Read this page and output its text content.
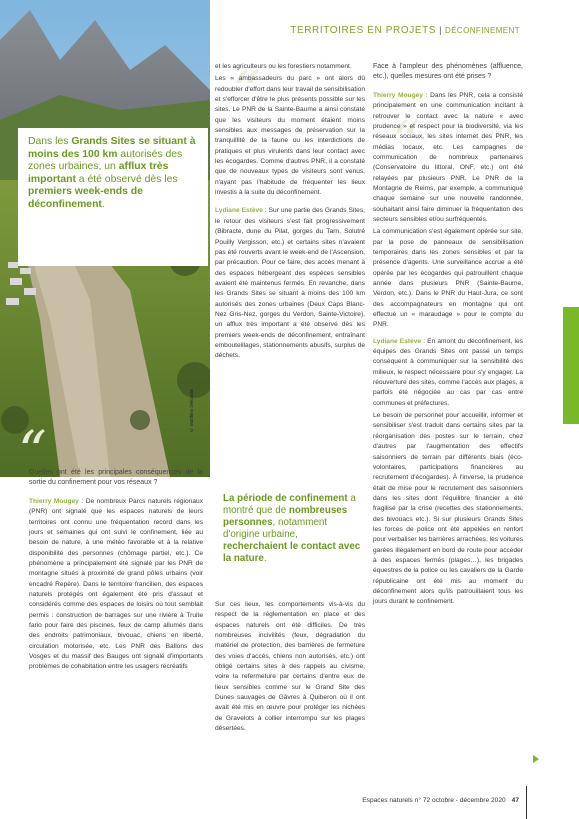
© Matthieu Delcasse
Dans les Grands Sites se situant à moins des 100 km autorisés des zones urbaines, un afflux très important a été observé dès les premiers week-ends de déconfinement.
TERRITOIRES EN PROJETS | DÉCONFINEMENT
“
“
“

Quelles ont été les principales conséquences de la sortie du confinement pour vos réseaux ?

Thierry Mougey : De nombreux Parcs naturels régionaux (PNR) ont signalé que les espaces naturels de leurs territoires ont connu une fréquentation record dans les jours et semaines qui ont suivi le confinement, liée au besoin de nature, à une météo favorable et à la relative disponibilité des personnes (chômage partiel, etc.). Ce phénomène a principalement été signalé par les PNR de montagne situés à proximité de grand pôles urbains (voir encadré Repère). Dans le territoire francilien, des espaces naturels protégés ont également été pris d'assaut et considérés comme des espaces de loisirs où tout semblait permis : construction de barrages sur une rivière à Truite fario pour faire des piscines, feux de camp allumés dans des endroits patrimoniaux, bivouac, chiens en liberté, circulation motorisée, etc. Les PNR des Ballons des Vosges et du massif des Bauges ont signalé d'importants problèmes de cohabitation entre les usagers récréatifs

et les agriculteurs ou les forestiers notamment.

Les « ambassadeurs du parc » ont alors dû redoubler d'effort dans leur travail de sensibilisation et s'efforcer d'être le plus présents possible sur les sites. Le PNR de la Sainte-Baume a ainsi constaté que les visiteurs du moment étaient moins sensibles aux messages de préservation sur la tranquillité de la faune ou les interdictions de pratiques et plus virulents dans leur contact avec les écogardes. Comme d'autres PNR, il a constaté que de nouveaux types de visiteurs sont venus, n'ayant pas l'habitude de fréquenter les lieux investis à la suite du déconfinement.

Lydiane Estève : Sur une partie des Grands Sites, le retour des visiteurs s'est fait progressivement (Bibracte, dune du Pilat, gorges du Tarn, Solutré Pouilly Vergisson, etc.) et certains sites n'avaient pas été rouverts avant le week-end de l'Ascension, par précaution. Pour ce faire, des accès menant à des espaces hébergeant des espèces sensibles avaient été maintenus fermés. En revanche, dans les Grands Sites se situant à moins des 100 km autorisés des zones urbaines (Deux Caps Blanc-Nez Gris-Nez, gorges du Verdon, Sainte-Victoire), un afflux très important a été observé dès les premiers week-ends de déconfinement, entraînant embouteillages, stationnements abusifs, surplus de déchets.

La période de confinement a montré que de nombreuses personnes, notamment d'origine urbaine, recherchaient le contact avec la nature.

Sur ces lieux, les comportements vis-à-vis du respect de la réglementation en place et des espaces naturels ont été difficiles. De très nombreuses incivilités (feux, dégradation du matériel de protection, des barrières de fermeture des voies d'accès, chiens non autorisés, etc.) ont obligé certains sites à des rappels au civisme, voire la refermeture par certains d'entre eux de lieux sensibles comme sur le Grand Site des Dunes sauvages de Gâvres à Quiberon où il ont avait été mis en œuvre pour protéger les nichées de Gravelots à collier interrompu sur les plages désertées.

Face à l'ampleur des phénomènes (affluence, etc.), quelles mesures ont été prises ?

Thierry Mougey : Dans les PNR, cela a consisté principalement en une communication incitant à retrouver le contact avec la nature « avec prudence » et respect pour la biodiversité, via les réseaux sociaux, les sites internet des PNR, les médias locaux, etc. Les campagnes de communication de nombreux partenaires (Conservatoire du littoral, ONF, etc.) ont été relayées par plusieurs PNR. Le PNR de la Montagne de Reims, par exemple, a communiqué chaque semaine sur une nouvelle randonnée, souhaitant ainsi faire diminuer la fréquentation des secteurs sensibles et/ou surfréquentés.

La communication s'est également opérée sur site, par la pose de panneaux de sensibilisation temporaires dans les zones sensibles et par la présence d'agents. Une surveillance accrue a été opérée par les écogardes qui patrouillent chaque année dans plusieurs PNR (Sainte-Baume, Verdon, etc.). Dans le PNR du Haut-Jura, ce sont des accompagnateurs en montagne qui ont effectué un « maraudage » pour le compte du PNR.

Lydiane Estève : En amont du déconfinement, les équipes des Grands Sites ont passé un temps conséquent à communiquer sur la sensibilité des milieux, le respect nécessaire pour s'y engager. La réouverture des sites, comme l'accès aux plages, a parfois été négociée au cas par cas entre communes et préfectures.

Le besoin de personnel pour accueillir, informer et sensibiliser s'est traduit dans certains sites par la réorganisation des postes sur le terrain, chez d'autres par l'augmentation des effectifs saisonniers de terrain par différents biais (éco-volontaires, participations financières au recrutement d'écogardes). À l'inverse, la prudence était de mise pour le recrutement des saisonniers dans les sites dont l'équilibre financier a été fragilisé par la crise (recettes des stationnements, des bivouacs etc.). Si sur plusieurs Grands Sites les forces de police ont été appelées en renfort pour verbaliser les barrières arrachées, les voitures garées illégalement en bord de route pour accéder à des espaces fermés (plages…), les brigades équestres de la police ou les cavaliers de la Garde républicaine ont été mis au moment du déconfinement alors qu'ils patrouillaient tous les jours durant le confinement.

Espaces naturels n° 72 octobre - décembre 2020 47
